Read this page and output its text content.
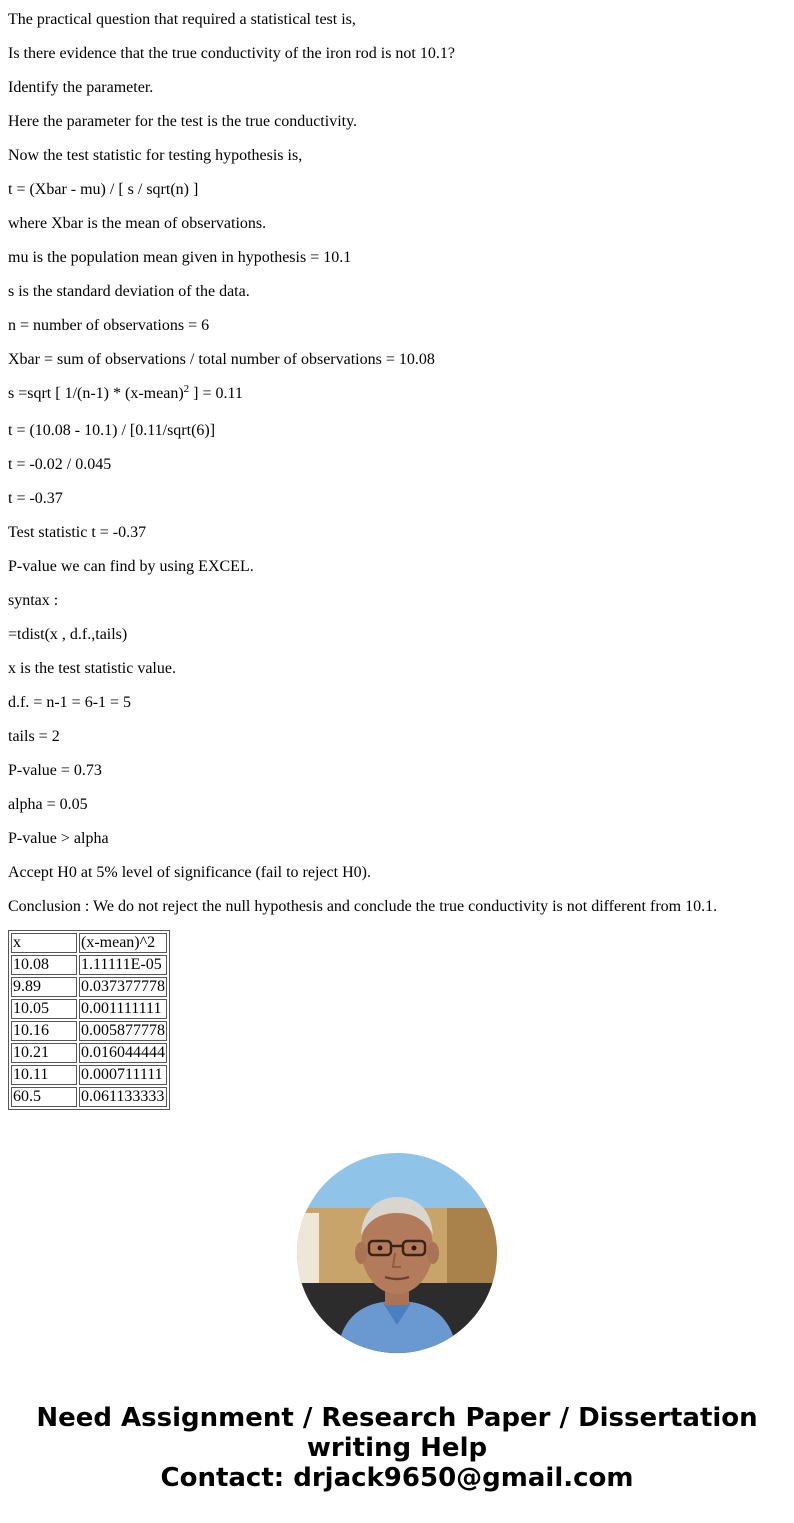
The practical question that required a statistical test is,

Is there evidence that the true conductivity of the iron rod is not 10.1?

Identify the parameter.

Here the parameter for the test is the true conductivity.

Now the test statistic for testing hypothesis is,

t = (Xbar - mu) / [ s / sqrt(n) ]

where Xbar is the mean of observations.

mu is the population mean given in hypothesis = 10.1

s is the standard deviation of the data.

n = number of observations = 6

Xbar = sum of observations / total number of observations = 10.08

s =sqrt [ 1/(n-1) * (x-mean)$^2$ ] = 0.11

t = (10.08 - 10.1) / [0.11/sqrt(6)]

t = -0.02 / 0.045

t = -0.37

Test statistic t = -0.37

P-value we can find by using EXCEL.

syntax :

=tdist(x , d.f.,tails)

x is the test statistic value.

d.f. = n-1 = 6-1 = 5

tails = 2

P-value = 0.73

alpha = 0.05

P-value > alpha

Accept H0 at 5% level of significance (fail to reject H0).

Conclusion : We do not reject the null hypothesis and conclude the true conductivity is not different from 10.1.

x	(x-mean)^2
10.08	1.11111E-05
9.89	0.037377778
10.05	0.001111111
10.16	0.005877778
10.21	0.016044444
10.11	0.000711111
60.5	0.061133333
Need Assignment / Research Paper / Dissertation
writing Help
Contact: drjack9650@gmail.com
